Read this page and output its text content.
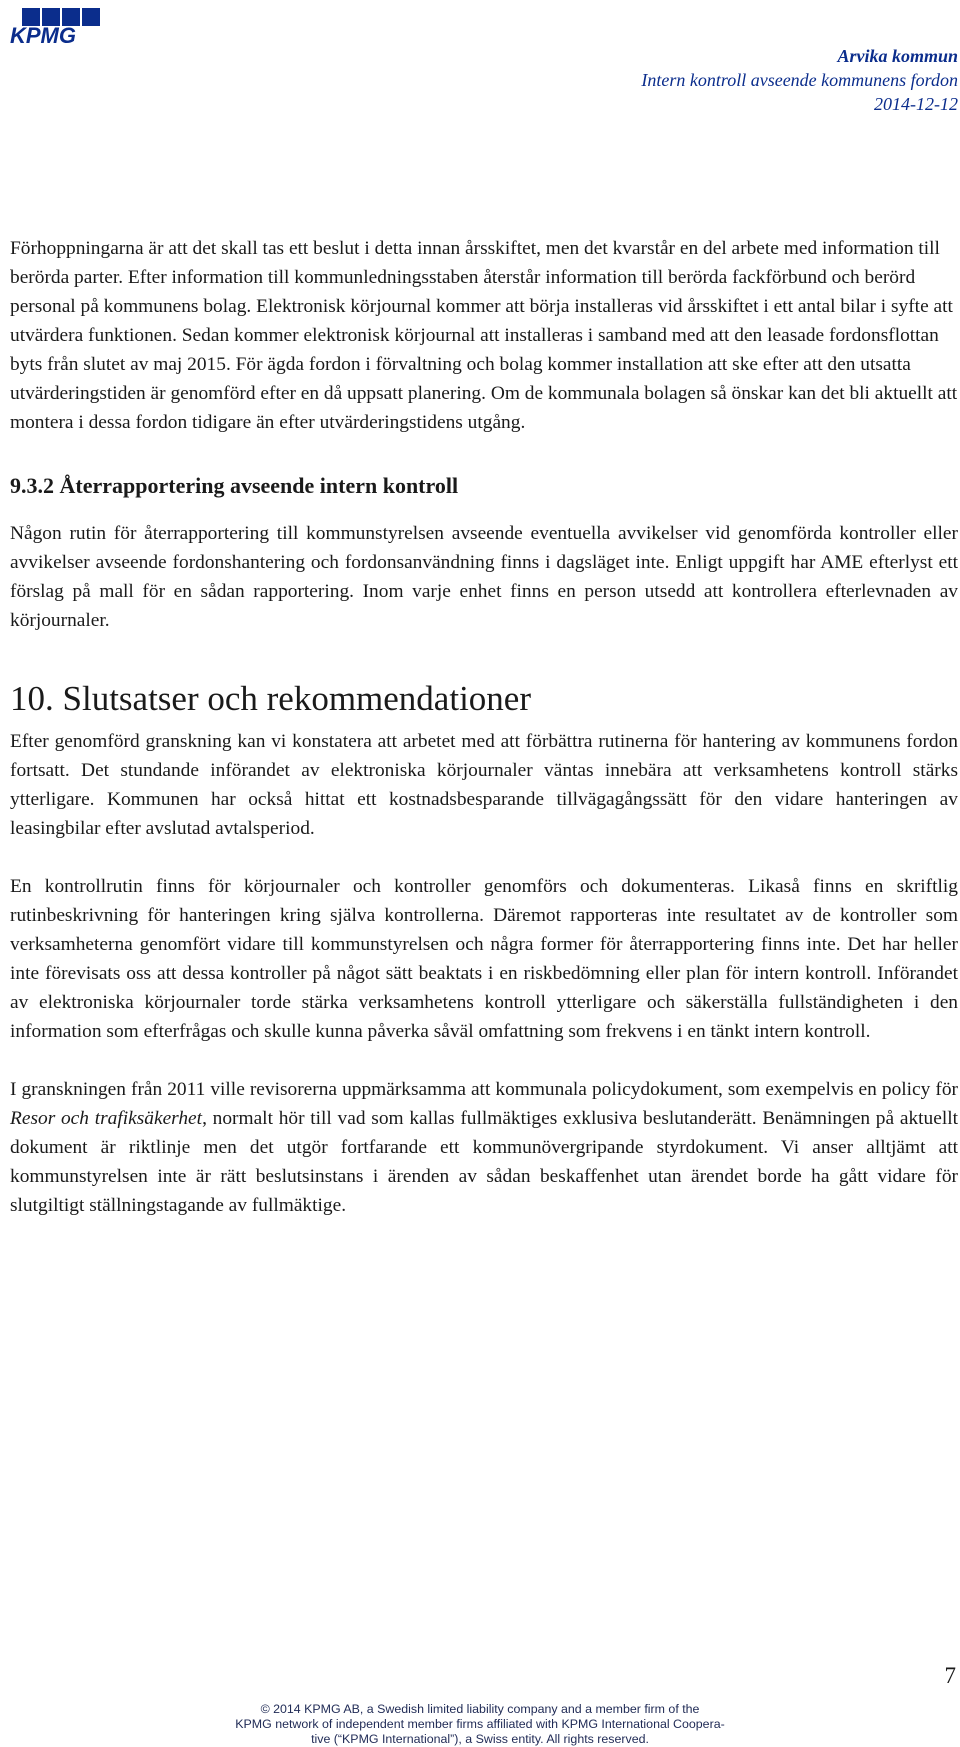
KPMG
Arvika kommun
Intern kontroll avseende kommunens fordon
2014-12-12

Förhoppningarna är att det skall tas ett beslut i detta innan årsskiftet, men det kvarstår en del arbete med information till berörda parter. Efter information till kommunledningsstaben återstår information till berörda fackförbund och berörd personal på kommunens bolag. Elektronisk körjournal kommer att börja installeras vid årsskiftet i ett antal bilar i syfte att utvärdera funktionen. Sedan kommer elektronisk körjournal att installeras i samband med att den leasade fordonsflottan byts från slutet av maj 2015. För ägda fordon i förvaltning och bolag kommer installation att ske efter att den utsatta utvärderingstiden är genomförd efter en då uppsatt planering. Om de kommunala bolagen så önskar kan det bli aktuellt att montera i dessa fordon tidigare än efter utvärderingstidens utgång.

9.3.2 Återrapportering avseende intern kontroll

Någon rutin för återrapportering till kommunstyrelsen avseende eventuella avvikelser vid genomförda kontroller eller avvikelser avseende fordonshantering och fordonsanvändning finns i dagsläget inte. Enligt uppgift har AME efterlyst ett förslag på mall för en sådan rapportering. Inom varje enhet finns en person utsedd att kontrollera efterlevnaden av körjournaler.

10. Slutsatser och rekommendationer

Efter genomförd granskning kan vi konstatera att arbetet med att förbättra rutinerna för hantering av kommunens fordon fortsatt. Det stundande införandet av elektroniska körjournaler väntas innebära att verksamhetens kontroll stärks ytterligare. Kommunen har också hittat ett kostnadsbesparande tillvägagångssätt för den vidare hanteringen av leasingbilar efter avslutad avtalsperiod.

En kontrollrutin finns för körjournaler och kontroller genomförs och dokumenteras. Likaså finns en skriftlig rutinbeskrivning för hanteringen kring själva kontrollerna. Däremot rapporteras inte resultatet av de kontroller som verksamheterna genomfört vidare till kommunstyrelsen och några former för återrapportering finns inte. Det har heller inte förevisats oss att dessa kontroller på något sätt beaktats i en riskbedömning eller plan för intern kontroll. Införandet av elektroniska körjournaler torde stärka verksamhetens kontroll ytterligare och säkerställa fullständigheten i den information som efterfrågas och skulle kunna påverka såväl omfattning som frekvens i en tänkt intern kontroll.

I granskningen från 2011 ville revisorerna uppmärksamma att kommunala policydokument, som exempelvis en policy för Resor och trafiksäkerhet, normalt hör till vad som kallas fullmäktiges exklusiva beslutanderätt. Benämningen på aktuellt dokument är riktlinje men det utgör fortfarande ett kommunövergripande styrdokument. Vi anser alltjämt att kommunstyrelsen inte är rätt beslutsinstans i ärenden av sådan beskaffenhet utan ärendet borde ha gått vidare för slutgiltigt ställningstagande av fullmäktige.

7
© 2014 KPMG AB, a Swedish limited liability company and a member firm of the
KPMG network of independent member firms affiliated with KPMG International Coopera-
tive (“KPMG International”), a Swiss entity. All rights reserved.
